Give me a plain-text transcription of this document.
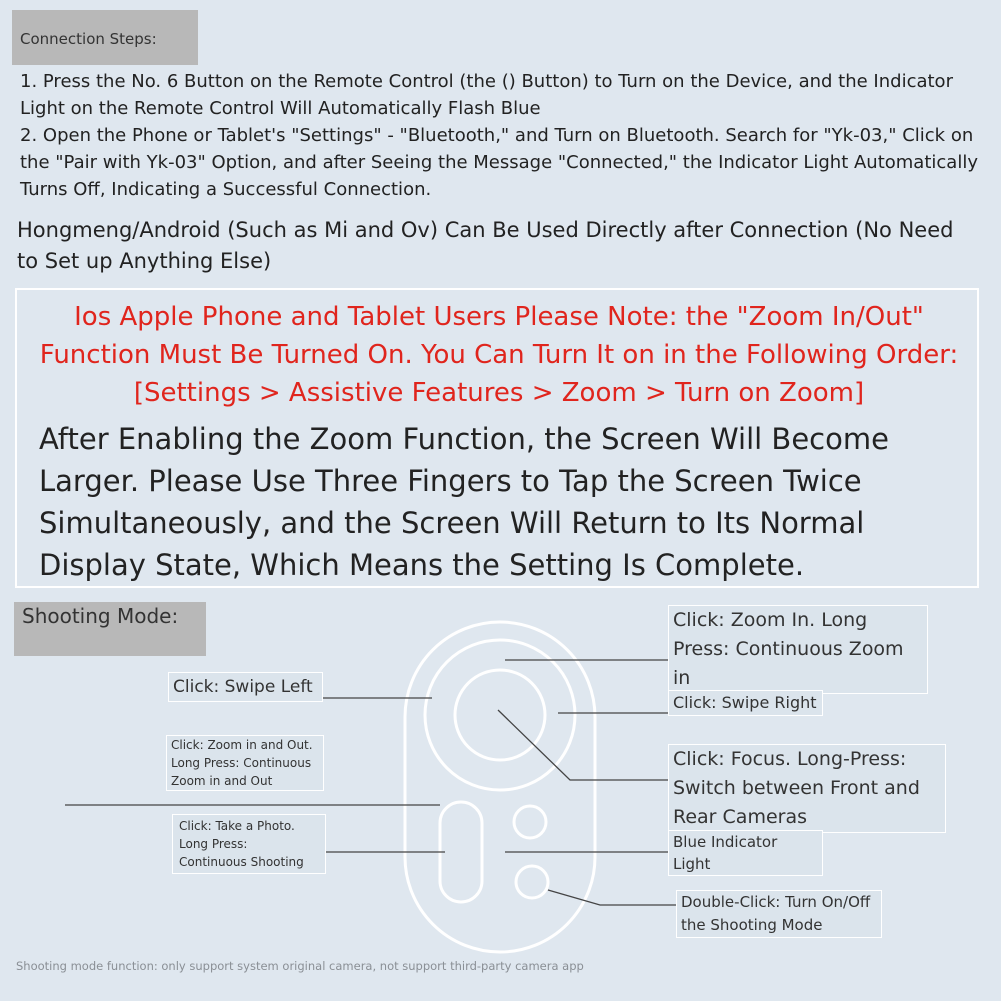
Connection Steps:
1. Press the No. 6 Button on the Remote Control (the () Button) to Turn on the Device, and the Indicator Light on the Remote Control Will Automatically Flash Blue
2. Open the Phone or Tablet's "Settings" - "Bluetooth," and Turn on Bluetooth. Search for "Yk-03," Click on the "Pair with Yk-03" Option, and after Seeing the Message "Connected," the Indicator Light Automatically Turns Off, Indicating a Successful Connection.
Hongmeng/Android (Such as Mi and Ov) Can Be Used Directly after Connection (No Need to Set up Anything Else)
Ios Apple Phone and Tablet Users Please Note: the "Zoom In/Out" Function Must Be Turned On. You Can Turn It on in the Following Order: [Settings > Assistive Features > Zoom > Turn on Zoom]
After Enabling the Zoom Function, the Screen Will Become Larger. Please Use Three Fingers to Tap the Screen Twice Simultaneously, and the Screen Will Return to Its Normal Display State, Which Means the Setting Is Complete.
Shooting Mode:
Click: Swipe Left
Click: Zoom in and Out. Long Press: Continuous Zoom in and Out
Click: Take a Photo. Long Press: Continuous Shooting
Click: Zoom In. Long Press: Continuous Zoom in
Click: Swipe Right
Click: Focus. Long-Press: Switch between Front and Rear Cameras
Blue Indicator Light
Double-Click: Turn On/Off the Shooting Mode
Shooting mode function: only support system original camera, not support third-party camera app
